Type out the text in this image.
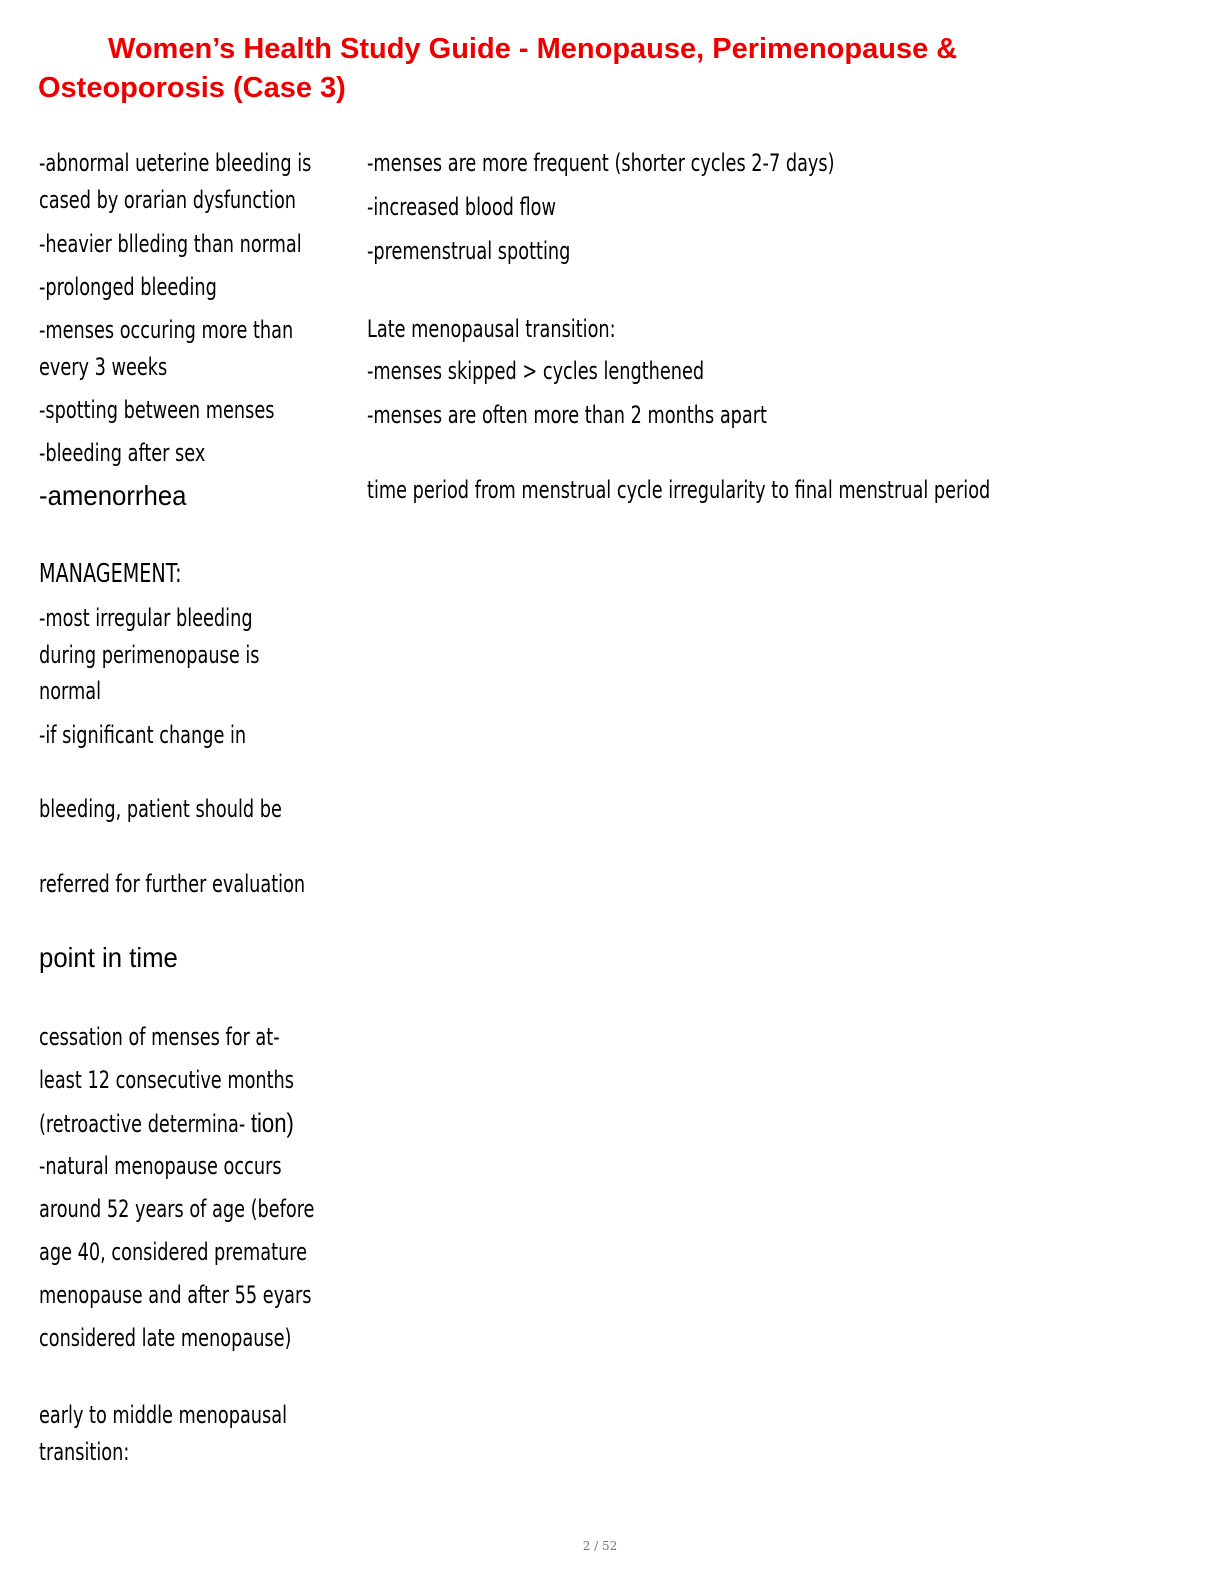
Women’s Health Study Guide - Menopause, Perimenopause &
Osteoporosis (Case 3)
-abnormal ueterine bleeding is
cased by orarian dysfunction
-heavier blleding than normal
-prolonged bleeding
-menses occuring more than
every 3 weeks
-spotting between menses
-bleeding after sex
-amenorrhea
MANAGEMENT:
-most irregular bleeding
during perimenopause is
normal
-if significant change in
bleeding, patient should be
referred for further evaluation
point in time
cessation of menses for at-
least 12 consecutive months
(retroactive determina- tion)
-natural menopause occurs
around 52 years of age (before
age 40, considered premature
menopause and after 55 eyars
considered late menopause)
early to middle menopausal
transition:
-menses are more frequent (shorter cycles 2-7 days)
-increased blood flow
-premenstrual spotting
Late menopausal transition:
-menses skipped > cycles lengthened
-menses are often more than 2 months apart
time period from menstrual cycle irregularity to final menstrual period
2 / 52
